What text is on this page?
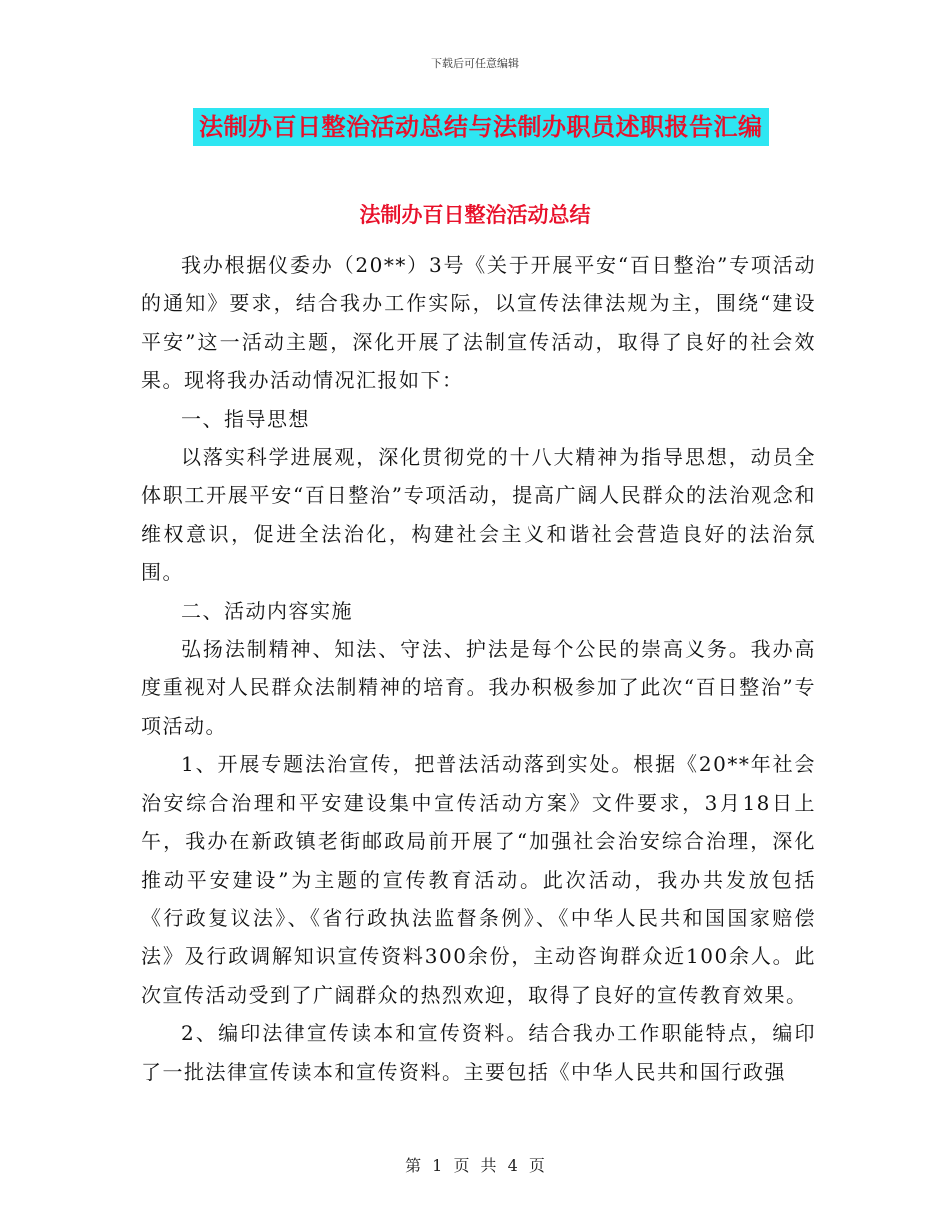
下载后可任意编辑
法制办百日整治活动总结与法制办职员述职报告汇编
法制办百日整治活动总结

我办根据仪委办（20**）3号《关于开展平安“百日整治”专项活动的通知》要求，结合我办工作实际，以宣传法律法规为主，围绕“建设平安”这一活动主题，深化开展了法制宣传活动，取得了良好的社会效果。现将我办活动情况汇报如下：

一、指导思想

以落实科学进展观，深化贯彻党的十八大精神为指导思想，动员全体职工开展平安“百日整治”专项活动，提高广阔人民群众的法治观念和维权意识，促进全法治化，构建社会主义和谐社会营造良好的法治氛围。

二、活动内容实施

弘扬法制精神、知法、守法、护法是每个公民的崇高义务。我办高度重视对人民群众法制精神的培育。我办积极参加了此次“百日整治”专项活动。

1、开展专题法治宣传，把普法活动落到实处。根据《20**年社会治安综合治理和平安建设集中宣传活动方案》文件要求，3月18日上午，我办在新政镇老街邮政局前开展了“加强社会治安综合治理，深化推动平安建设”为主题的宣传教育活动。此次活动，我办共发放包括《行政复议法》、《省行政执法监督条例》、《中华人民共和国国家赔偿法》及行政调解知识宣传资料300余份，主动咨询群众近100余人。此次宣传活动受到了广阔群众的热烈欢迎，取得了良好的宣传教育效果。

2、编印法律宣传读本和宣传资料。结合我办工作职能特点，编印了一批法律宣传读本和宣传资料。主要包括《中华人民共和国行政强

第 1 页 共 4 页
